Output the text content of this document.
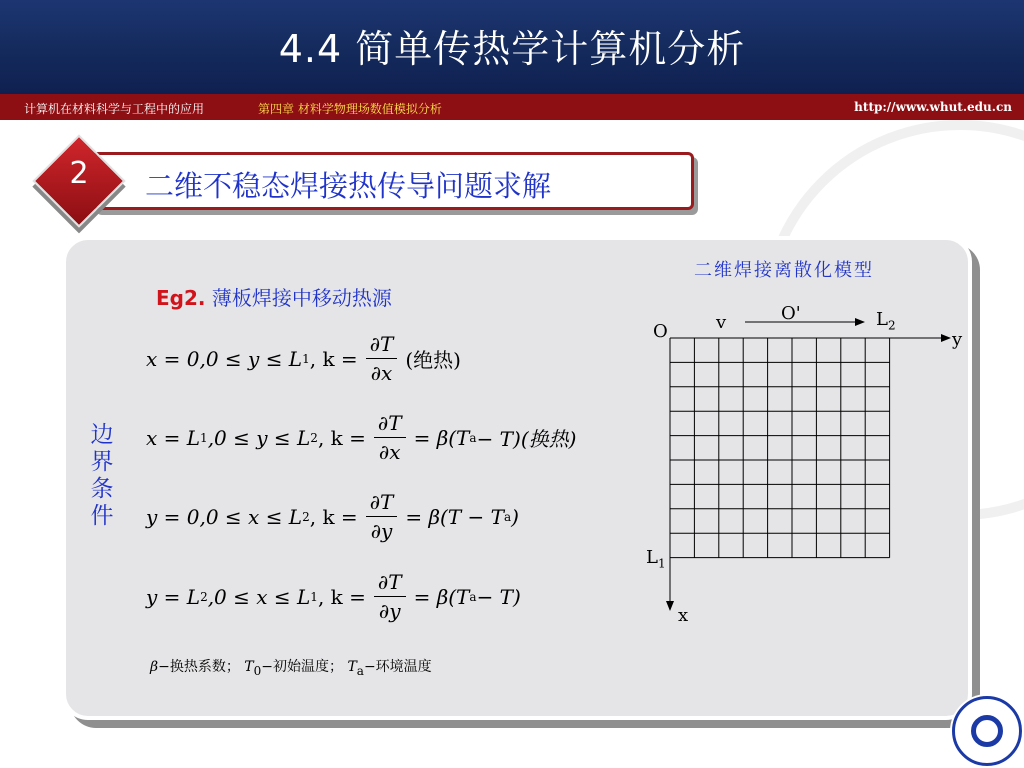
4.4 简单传热学计算机分析
计算机在材料科学与工程中的应用	第四章 材料学物理场数值模拟分析	http://www.whut.edu.cn
二维不稳态焊接热传导问题求解
2
Eg2. 薄板焊接中移动热源
二维焊接离散化模型
边界条件
x = 0,0 ≤ y ≤ L 1 , $k = \frac{\partial T}{\partial x}$ (绝热)
x = L 1 ,0 ≤ y ≤ L 2 , $k = \frac{\partial T}{\partial x} = \beta(T$ a − T)(换热)
y = 0,0 ≤ x ≤ L 2 , $k = \frac{\partial T}{\partial y} = \beta(T - T$ a )
y = L 2 ,0 ≤ x ≤ L 1 , $k = \frac{\partial T}{\partial y} = \beta(T$ a − T)
β−换热系数； $T_0-$初始温度； $T_a-$环境温度
O	v	O'	$L_2$
y
$L_1$
x
